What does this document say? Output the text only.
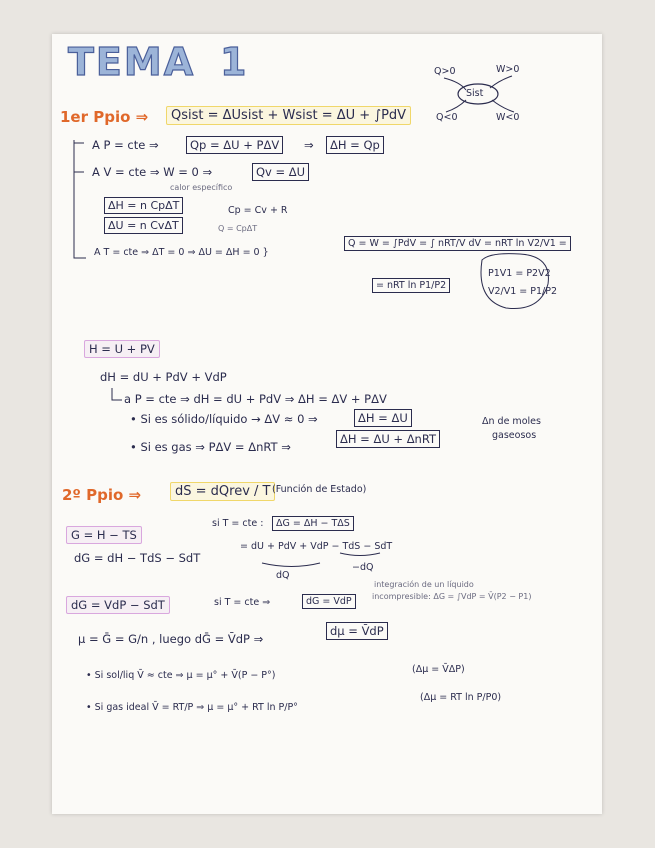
TEMA 1	Q>0	W>0
Sist
Q<0	W<0
1er Ppio ⇒	Qsist = ΔUsist + Wsist = ΔU + ∫PdV
A P = cte ⇒	Qp = ΔU + PΔV	⇒	ΔH = Qp
A V = cte ⇒ W = 0 ⇒	Qv = ΔU
calor específico
ΔH = n CpΔT
ΔU = n CvΔT
Cp = Cv + R
Q = CpΔT
A T = cte ⇒ ΔT = 0 ⇒ ΔU = ΔH = 0 }
Q = W = ∫PdV = ∫ nRT/V dV = nRT ln V2/V1 =
= nRT ln P1/P2
P1V1 = P2V2
V2/V1 = P1/P2
H = U + PV
dH = dU + PdV + VdP
a P = cte ⇒ dH = dU + PdV ⇒ ΔH = ΔV + PΔV
• Si es sólido/líquido → ΔV ≈ 0 ⇒	ΔH = ΔU
• Si es gas ⇒ PΔV = ΔnRT ⇒
ΔH = ΔU + ΔnRT
Δn de moles
gaseosos
2º Ppio ⇒	dS = dQrev / T (Función de Estado)
G = H − TS
si T = cte :	ΔG = ΔH − TΔS
dG = dH − TdS − SdT
= dU + PdV + VdP − TdS − SdT
dQ
−dQ
dG = VdP − SdT	si T = cte ⇒	dG = VdP
integración de un líquido
incompresible: ΔG = ∫VdP = V̄(P2 − P1)
μ = Ḡ = G/n , luego dḠ = V̄dP ⇒
dμ = V̄dP
• Si sol/liq V̄ ≈ cte ⇒ μ = μ° + V̄(P − P°)
(Δμ = V̄ΔP)
• Si gas ideal V̄ = RT/P ⇒ μ = μ° + RT ln P/P°
(Δμ = RT ln P/P0)
